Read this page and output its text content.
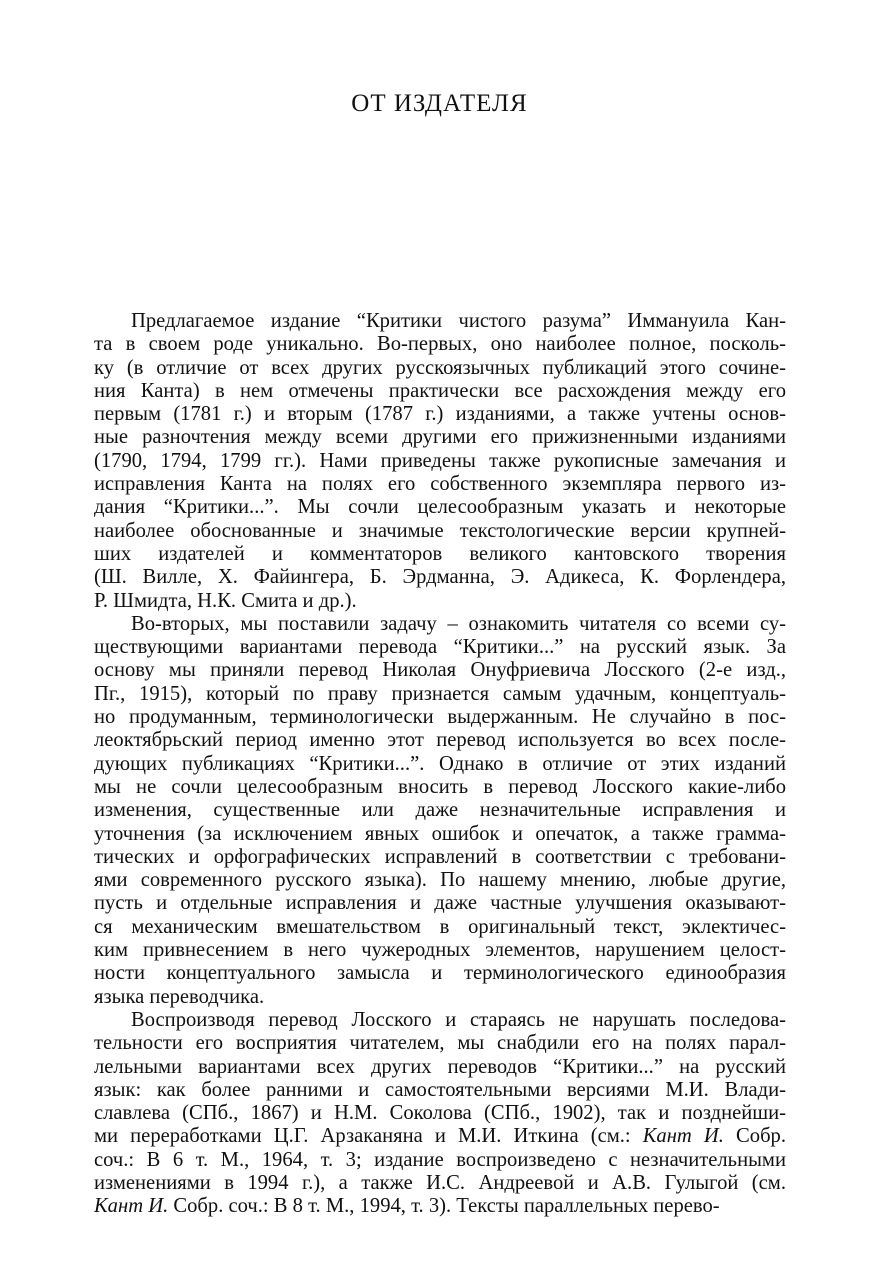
ОТ ИЗДАТЕЛЯ
Предлагаемое издание “Критики чистого разума” Иммануила Кан-
та в своем роде уникально. Во-первых, оно наиболее полное, посколь-
ку (в отличие от всех других русскоязычных публикаций этого сочине-
ния Канта) в нем отмечены практически все расхождения между его
первым (1781 г.) и вторым (1787 г.) изданиями, а также учтены основ-
ные разночтения между всеми другими его прижизненными изданиями
(1790, 1794, 1799 гг.). Нами приведены также рукописные замечания и
исправления Канта на полях его собственного экземпляра первого из-
дания “Критики...”. Мы сочли целесообразным указать и некоторые
наиболее обоснованные и значимые текстологические версии крупней-
ших издателей и комментаторов великого кантовского творения
(Ш. Вилле, Х. Файингера, Б. Эрдманна, Э. Адикеса, К. Форлендера,
Р. Шмидта, Н.К. Смита и др.).
Во-вторых, мы поставили задачу – ознакомить читателя со всеми су-
ществующими вариантами перевода “Критики...” на русский язык. За
основу мы приняли перевод Николая Онуфриевича Лосского (2-е изд.,
Пг., 1915), который по праву признается самым удачным, концептуаль-
но продуманным, терминологически выдержанным. Не случайно в пос-
леоктябрьский период именно этот перевод используется во всех после-
дующих публикациях “Критики...”. Однако в отличие от этих изданий
мы не сочли целесообразным вносить в перевод Лосского какие-либо
изменения, существенные или даже незначительные исправления и
уточнения (за исключением явных ошибок и опечаток, а также грамма-
тических и орфографических исправлений в соответствии с требовани-
ями современного русского языка). По нашему мнению, любые другие,
пусть и отдельные исправления и даже частные улучшения оказывают-
ся механическим вмешательством в оригинальный текст, эклектичес-
ким привнесением в него чужеродных элементов, нарушением целост-
ности концептуального замысла и терминологического единообразия
языка переводчика.
Воспроизводя перевод Лосского и стараясь не нарушать последова-
тельности его восприятия читателем, мы снабдили его на полях парал-
лельными вариантами всех других переводов “Критики...” на русский
язык: как более ранними и самостоятельными версиями М.И. Влади-
славлева (СПб., 1867) и Н.М. Соколова (СПб., 1902), так и позднейши-
ми переработками Ц.Г. Арзаканяна и М.И. Иткина (см.: Кант И. Собр.
соч.: В 6 т. М., 1964, т. 3; издание воспроизведено с незначительными
изменениями в 1994 г.), а также И.С. Андреевой и А.В. Гулыгой (см.
Кант И. Собр. соч.: В 8 т. М., 1994, т. 3). Тексты параллельных перево-
